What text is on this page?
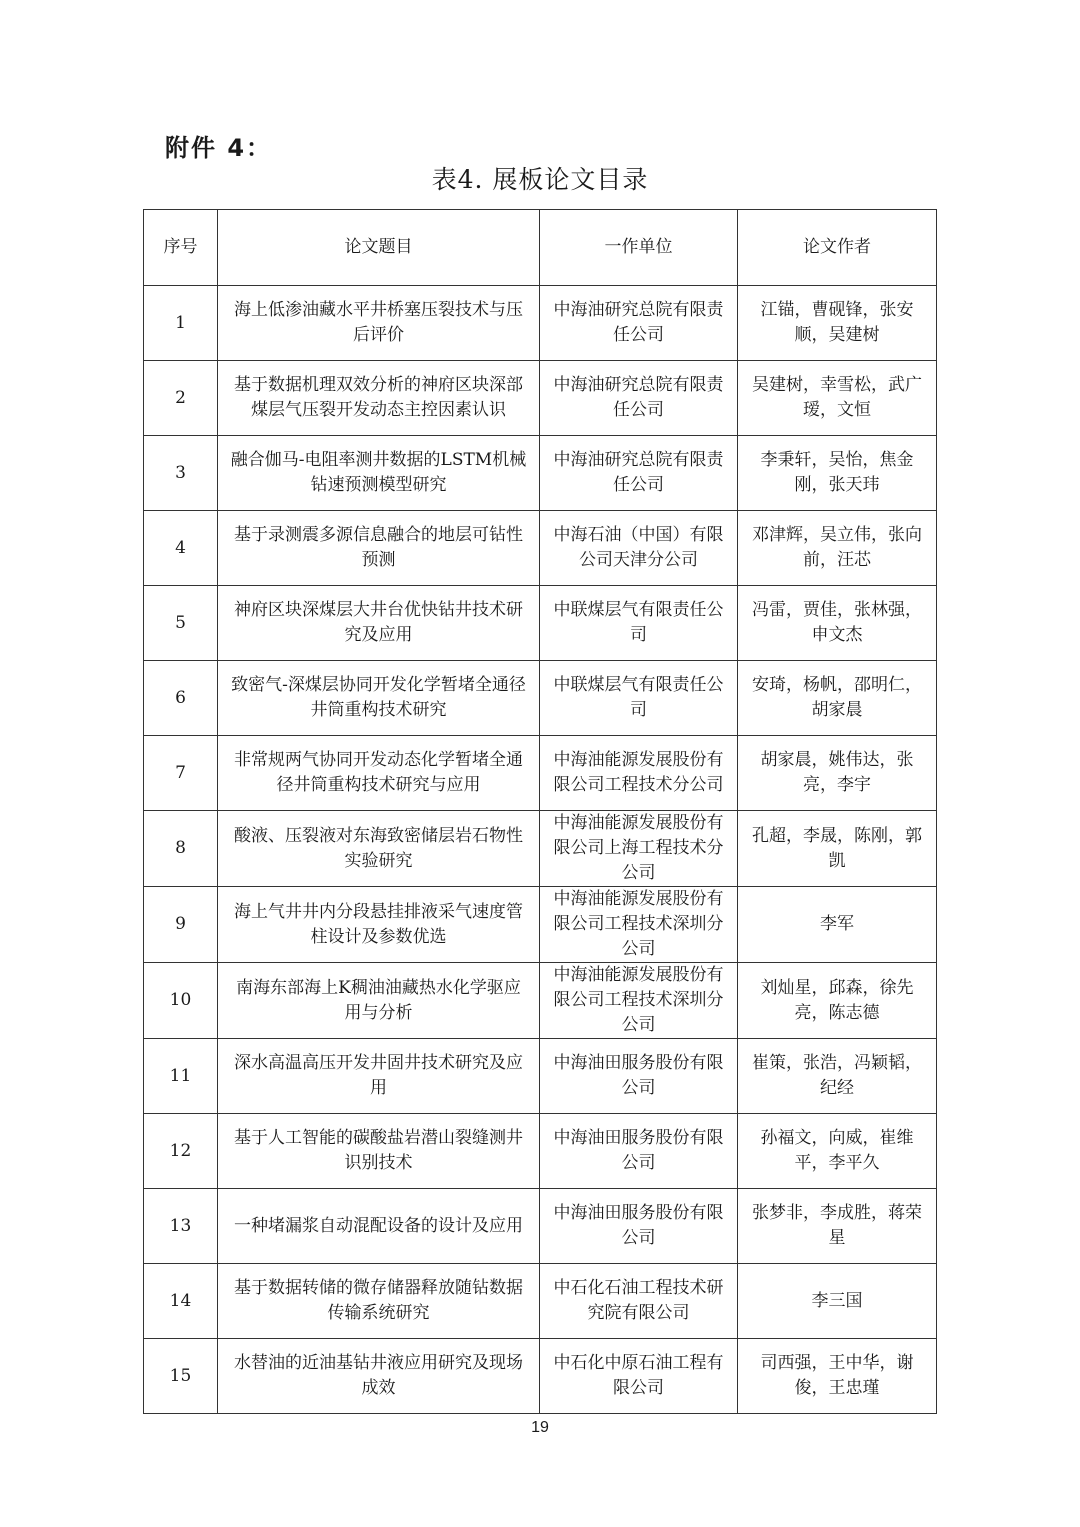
附件 4：
表4. 展板论文目录
序号	论文题目	一作单位	论文作者
1	海上低渗油藏水平井桥塞压裂技术与压后评价	中海油研究总院有限责任公司	江锚，曹砚锋，张安顺，吴建树
2	基于数据机理双效分析的神府区块深部煤层气压裂开发动态主控因素认识	中海油研究总院有限责任公司	吴建树，幸雪松，武广瑷，文恒
3	融合伽马-电阻率测井数据的LSTM机械钻速预测模型研究	中海油研究总院有限责任公司	李秉轩，吴怡，焦金刚，张天玮
4	基于录测震多源信息融合的地层可钻性预测	中海石油（中国）有限公司天津分公司	邓津辉，吴立伟，张向前，汪芯
5	神府区块深煤层大井台优快钻井技术研究及应用	中联煤层气有限责任公司	冯雷，贾佳，张林强，申文杰
6	致密气-深煤层协同开发化学暂堵全通径井筒重构技术研究	中联煤层气有限责任公司	安琦，杨帆，邵明仁，胡家晨
7	非常规两气协同开发动态化学暂堵全通径井筒重构技术研究与应用	中海油能源发展股份有限公司工程技术分公司	胡家晨，姚伟达，张亮，李宇
8	酸液、压裂液对东海致密储层岩石物性实验研究	中海油能源发展股份有限公司上海工程技术分公司	孔超，李晟，陈刚，郭凯
9	海上气井井内分段悬挂排液采气速度管柱设计及参数优选	中海油能源发展股份有限公司工程技术深圳分公司	李军
10	南海东部海上K稠油油藏热水化学驱应用与分析	中海油能源发展股份有限公司工程技术深圳分公司	刘灿星，邱森，徐先亮，陈志德
11	深水高温高压开发井固井技术研究及应用	中海油田服务股份有限公司	崔策，张浩，冯颖韬，纪经
12	基于人工智能的碳酸盐岩潜山裂缝测井识别技术	中海油田服务股份有限公司	孙福文，向威，崔维平，李平久
13	一种堵漏浆自动混配设备的设计及应用	中海油田服务股份有限公司	张梦非，李成胜，蒋荣星
14	基于数据转储的微存储器释放随钻数据传输系统研究	中石化石油工程技术研究院有限公司	李三国
15	水替油的近油基钻井液应用研究及现场成效	中石化中原石油工程有限公司	司西强，王中华，谢俊，王忠瑾
19
